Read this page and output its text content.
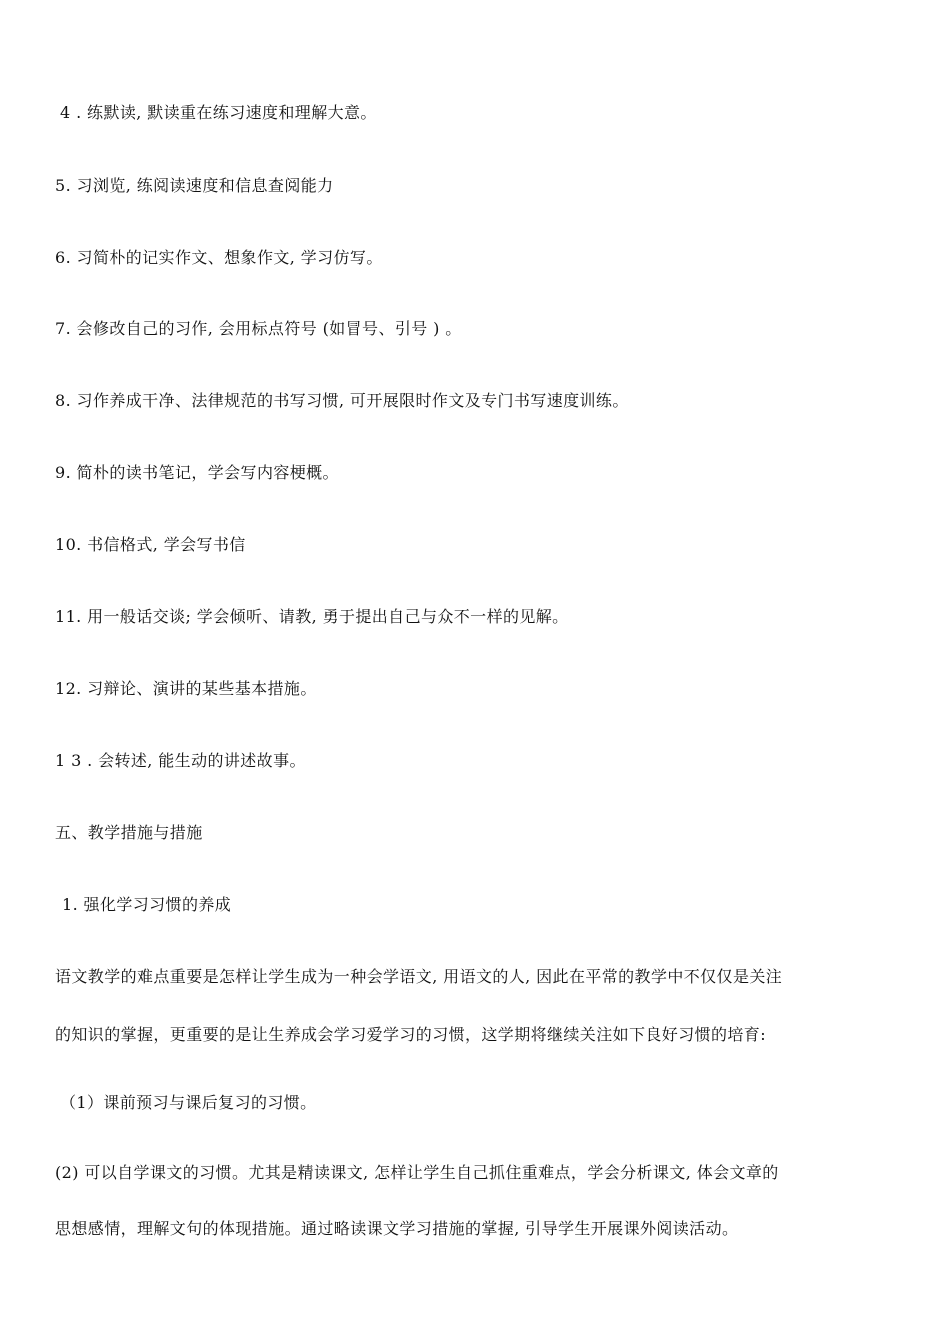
4 . 练默读, 默读重在练习速度和理解大意。
5. 习浏览, 练阅读速度和信息查阅能力
6. 习简朴的记实作文、想象作文, 学习仿写。
7. 会修改自己的习作, 会用标点符号 (如冒号、引号 ) 。
8. 习作养成干净、法律规范的书写习惯, 可开展限时作文及专门书写速度训练。
9. 简朴的读书笔记，学会写内容梗概。
10. 书信格式, 学会写书信
11. 用一般话交谈; 学会倾听、请教, 勇于提出自己与众不一样的见解。
12. 习辩论、演讲的某些基本措施。
1 3 . 会转述, 能生动的讲述故事。
五、教学措施与措施
1. 强化学习习惯的养成
语文教学的难点重要是怎样让学生成为一种会学语文, 用语文的人, 因此在平常的教学中不仅仅是关注
的知识的掌握，更重要的是让生养成会学习爱学习的习惯，这学期将继续关注如下良好习惯的培育:
（1）课前预习与课后复习的习惯。
(2) 可以自学课文的习惯。尤其是精读课文, 怎样让学生自己抓住重难点，学会分析课文, 体会文章的
思想感情，理解文句的体现措施。通过略读课文学习措施的掌握, 引导学生开展课外阅读活动。
